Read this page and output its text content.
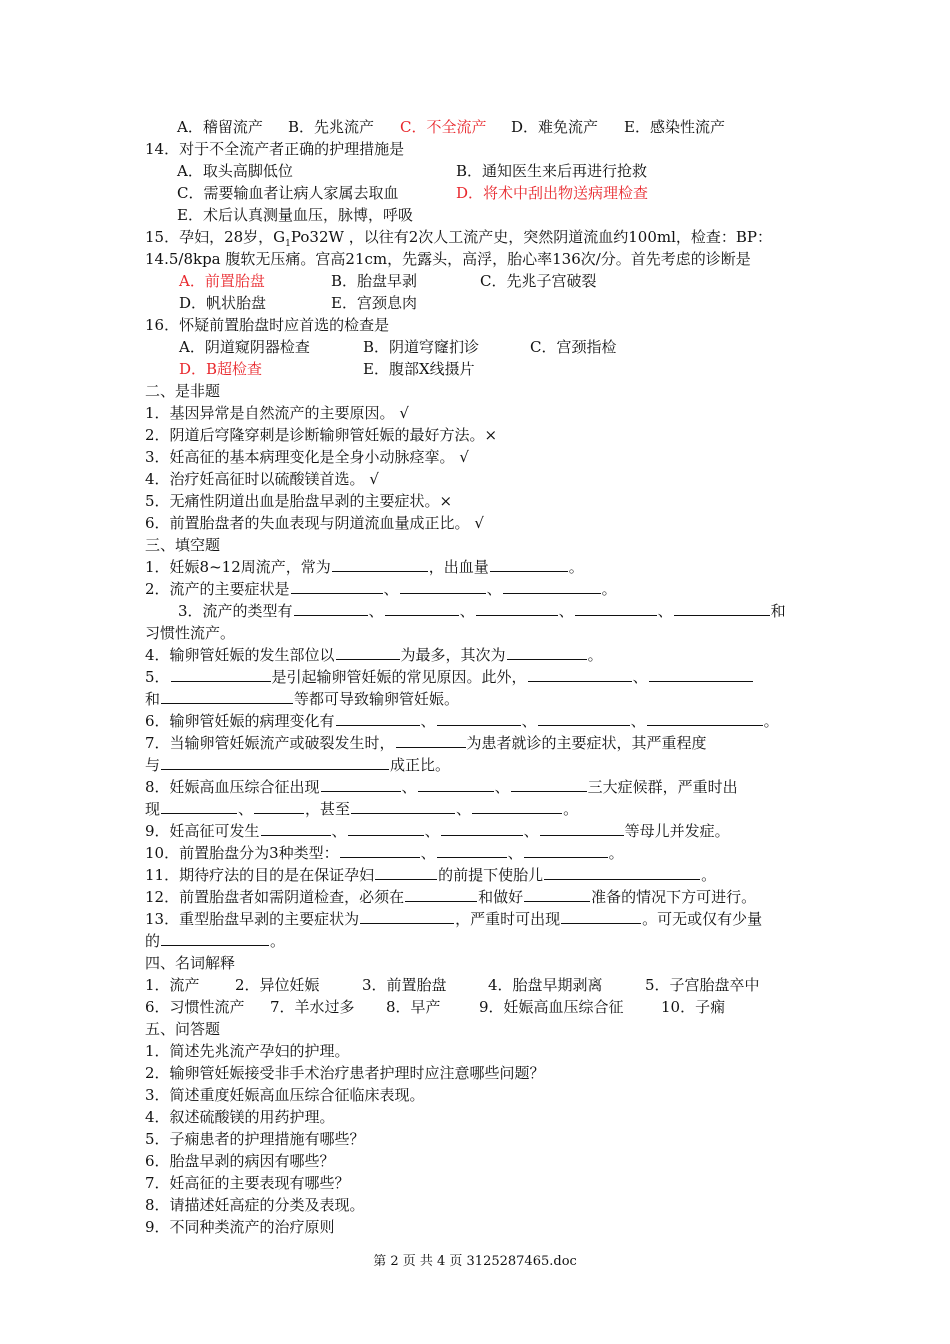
A．稽留流产 B．先兆流产 C．不全流产 D．难免流产 E．感染性流产
14．对于不全流产者正确的护理措施是
A．取头高脚低位	B．通知医生来后再进行抢救
C．需要输血者让病人家属去取血	D．将术中刮出物送病理检查
E．术后认真测量血压，脉博，呼吸
15．孕妇，28岁，$G_1Po32W$ ，以往有2次人工流产史，突然阴道流血约100ml，检查：BP：
14.5/8kpa 腹软无压痛。宫高21cm，先露头，高浮，胎心率136次/分。首先考虑的诊断是
A．前置胎盘	B．胎盘早剥	C．先兆子宫破裂
D．帆状胎盘	E．宫颈息肉
16．怀疑前置胎盘时应首选的检查是
A．阴道窥阴器检查	B．阴道穹窿扪诊	C．宫颈指检
D．B超检查	E．腹部X线摄片
二、是非题
1．基因异常是自然流产的主要原因。 √
2．阴道后穹隆穿刺是诊断输卵管妊娠的最好方法。×
3．妊高征的基本病理变化是全身小动脉痉挛。 √
4．治疗妊高征时以硫酸镁首选。 √
5．无痛性阴道出血是胎盘早剥的主要症状。×
6．前置胎盘者的失血表现与阴道流血量成正比。 √
三、填空题
1．妊娠8~12周流产，常为	，出血量	。
2．流产的主要症状是	、	、	。
3．流产的类型有	、	、	、	、	和
习惯性流产。
4．输卵管妊娠的发生部位以	为最多，其次为	。
5．	是引起输卵管妊娠的常见原因。此外，	、
和	等都可导致输卵管妊娠。
6．输卵管妊娠的病理变化有	、	、	、	。
7．当输卵管妊娠流产或破裂发生时，	为患者就诊的主要症状，其严重程度
与	成正比。
8．妊娠高血压综合征出现	、	、	三大症候群，严重时出
现	、	，甚至	、	。
9．妊高征可发生	、	、	、	等母儿并发症。
10．前置胎盘分为3种类型：	、	、	。
11．期待疗法的目的是在保证孕妇	的前提下使胎儿	。
12．前置胎盘者如需阴道检查，必须在	和做好	准备的情况下方可进行。
13．重型胎盘早剥的主要症状为	，严重时可出现	。可无或仅有少量
的	。
四、名词解释
1．流产 2．异位妊娠	3．前置胎盘	4．胎盘早期剥离	5．子宫胎盘卒中
6．习惯性流产 7．羊水过多 8．早产	9．妊娠高血压综合征 10．子痫
五、问答题
1．简述先兆流产孕妇的护理。
2．输卵管妊娠接受非手术治疗患者护理时应注意哪些问题？
3．简述重度妊娠高血压综合征临床表现。
4．叙述硫酸镁的用药护理。
5．子痫患者的护理措施有哪些？
6．胎盘早剥的病因有哪些？
7．妊高征的主要表现有哪些？
8．请描述妊高症的分类及表现。
9．不同种类流产的治疗原则
第 2 页 共 4 页 3125287465.doc
